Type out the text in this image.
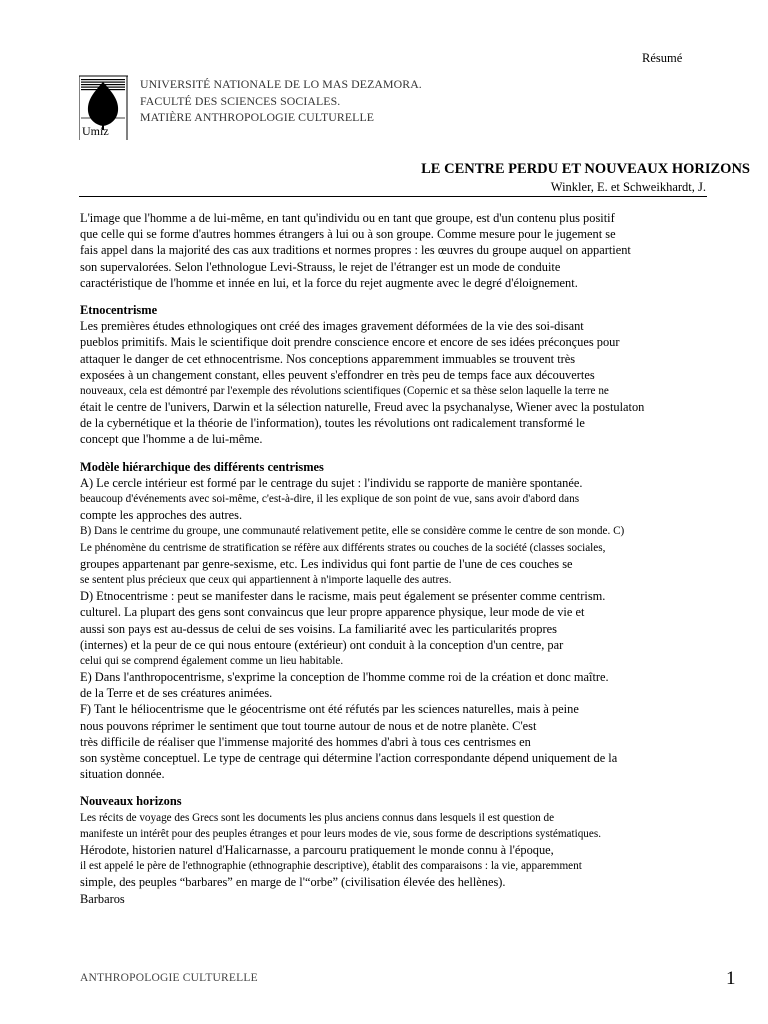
Résumé
Umiz
UNIVERSITÉ NATIONALE DE LO MAS DEZAMORA.
FACULTÉ DES SCIENCES SOCIALES.
MATIÈRE ANTHROPOLOGIE CULTURELLE
LE CENTRE PERDU ET NOUVEAUX HORIZONS
Winkler, E. et Schweikhardt, J.
L'image que l'homme a de lui-même, en tant qu'individu ou en tant que groupe, est d'un contenu plus positif
que celle qui se forme d'autres hommes étrangers à lui ou à son groupe. Comme mesure pour le jugement se
fais appel dans la majorité des cas aux traditions et normes propres : les œuvres du groupe auquel on appartient
son supervalorées. Selon l'ethnologue Levi-Strauss, le rejet de l'étranger est un mode de conduite
caractéristique de l'homme et innée en lui, et la force du rejet augmente avec le degré d'éloignement.
Etnocentrisme
Les premières études ethnologiques ont créé des images gravement déformées de la vie des soi-disant
pueblos primitifs. Mais le scientifique doit prendre conscience encore et encore de ses idées préconçues pour
attaquer le danger de cet ethnocentrisme. Nos conceptions apparemment immuables se trouvent très
exposées à un changement constant, elles peuvent s'effondrer en très peu de temps face aux découvertes
nouveaux, cela est démontré par l'exemple des révolutions scientifiques (Copernic et sa thèse selon laquelle la terre ne
était le centre de l'univers, Darwin et la sélection naturelle, Freud avec la psychanalyse, Wiener avec la postulaton
de la cybernétique et la théorie de l'information), toutes les révolutions ont radicalement transformé le
concept que l'homme a de lui-même.
Modèle hiérarchique des différents centrismes
A) Le cercle intérieur est formé par le centrage du sujet : l'individu se rapporte de manière spontanée.
beaucoup d'événements avec soi-même, c'est-à-dire, il les explique de son point de vue, sans avoir d'abord dans
compte les approches des autres.
B) Dans le centrime du groupe, une communauté relativement petite, elle se considère comme le centre de son monde. C)
Le phénomène du centrisme de stratification se réfère aux différents strates ou couches de la société (classes sociales,
groupes appartenant par genre-sexisme, etc. Les individus qui font partie de l'une de ces couches se
se sentent plus précieux que ceux qui appartiennent à n'importe laquelle des autres.
D) Etnocentrisme : peut se manifester dans le racisme, mais peut également se présenter comme centrism.
culturel. La plupart des gens sont convaincus que leur propre apparence physique, leur mode de vie et
aussi son pays est au-dessus de celui de ses voisins. La familiarité avec les particularités propres
(internes) et la peur de ce qui nous entoure (extérieur) ont conduit à la conception d'un centre, par
celui qui se comprend également comme un lieu habitable.
E) Dans l'anthropocentrisme, s'exprime la conception de l'homme comme roi de la création et donc maître.
de la Terre et de ses créatures animées.
F) Tant le héliocentrisme que le géocentrisme ont été réfutés par les sciences naturelles, mais à peine
nous pouvons réprimer le sentiment que tout tourne autour de nous et de notre planète. C'est
très difficile de réaliser que l'immense majorité des hommes d'abri à tous ces centrismes en
son système conceptuel. Le type de centrage qui détermine l'action correspondante dépend uniquement de la
situation donnée.
Nouveaux horizons
Les récits de voyage des Grecs sont les documents les plus anciens connus dans lesquels il est question de
manifeste un intérêt pour des peuples étranges et pour leurs modes de vie, sous forme de descriptions systématiques.
Hérodote, historien naturel d'Halicarnasse, a parcouru pratiquement le monde connu à l'époque,
il est appelé le père de l'ethnographie (ethnographie descriptive), établit des comparaisons : la vie, apparemment
simple, des peuples “barbares” en marge de l'“orbe” (civilisation élevée des hellènes).
Barbaros
ANTHROPOLOGIE CULTURELLE	1
